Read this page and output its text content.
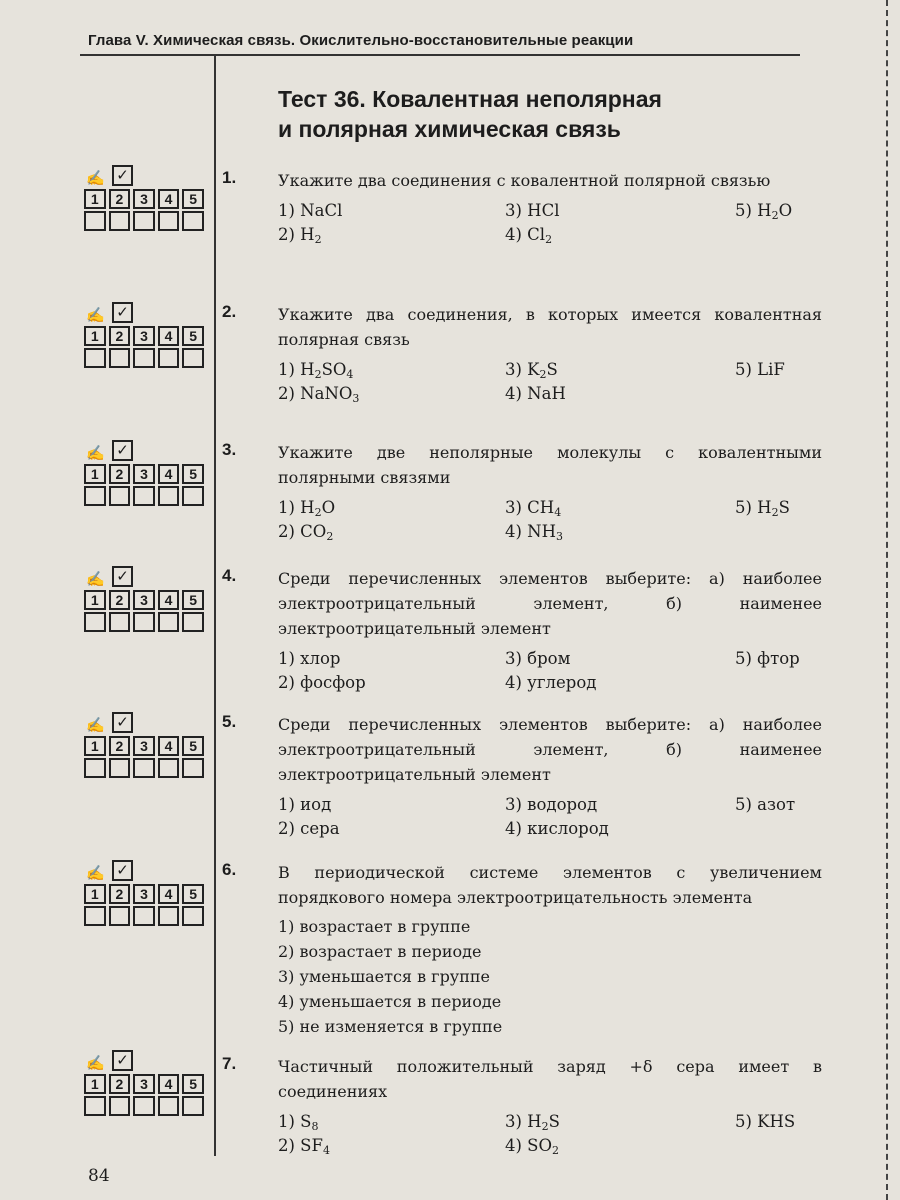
Глава V. Химическая связь. Окислительно-восстановительные реакции
Тест 36. Ковалентная неполярная
и полярная химическая связь
✍ ✓
1	2	3	4	5
1.	Укажите два соединения с ковалентной полярной связью
1) NaCl	3) HCl	5) $H_2O$
2) $H_2$	4) $Cl_2$
✍ ✓
1	2	3	4	5
2.	Укажите два соединения, в которых имеется ковалентная полярная связь
1) $H_2SO_4$	3) $K_2S$	5) LiF
2) NaNO$_3$	4) NaH
✍ ✓
1	2	3	4	5
3.	Укажите две неполярные молекулы с ковалентными полярными связями
1) $H_2O$	3) $CH_4$	5) $H_2S$
2) $CO_2$	4) $NH_3$
✍ ✓
1	2	3	4	5
4.	Среди перечисленных элементов выберите: а) наиболее электроотрицательный элемент, б) наименее электроотрицательный элемент
1) хлор	3) бром	5) фтор
2) фосфор	4) углерод
✍ ✓
1	2	3	4	5
5.	Среди перечисленных элементов выберите: а) наиболее электроотрицательный элемент, б) наименее электроотрицательный элемент
1) иод	3) водород	5) азот
2) сера	4) кислород
✍ ✓
1	2	3	4	5
6.	В периодической системе элементов с увеличением порядкового номера электроотрицательность элемента
1) возрастает в группе
2) возрастает в периоде
3) уменьшается в группе
4) уменьшается в периоде
5) не изменяется в группе
✍ ✓
1	2	3	4	5
7.	Частичный положительный заряд +δ сера имеет в соединениях
1) $S_8$	3) $H_2S$	5) KHS
2) $SF_4$	4) $SO_2$
84
